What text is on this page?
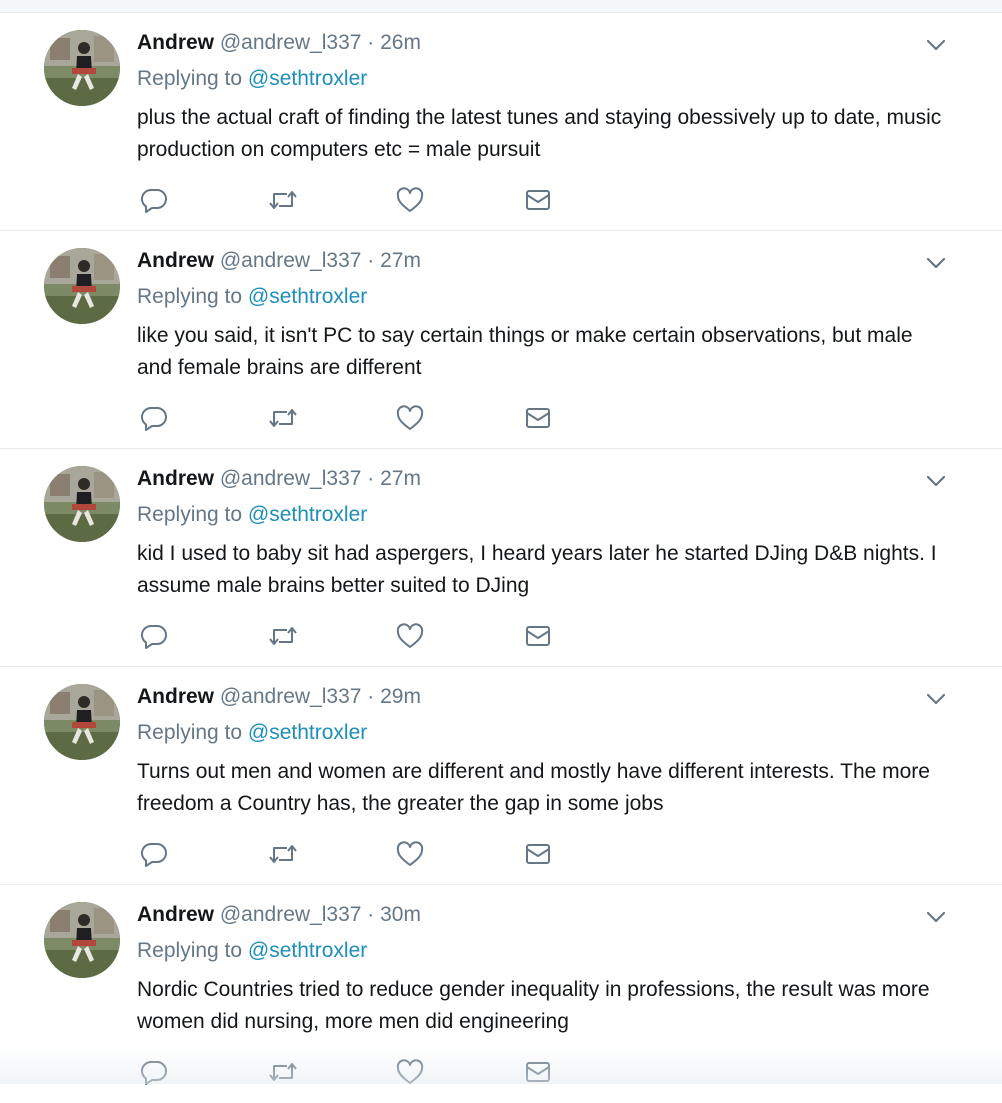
Andrew @andrew_l337 · 26m
Replying to @sethtroxler
plus the actual craft of finding the latest tunes and staying obessively up to date, music production on computers etc = male pursuit
Andrew @andrew_l337 · 27m
Replying to @sethtroxler
like you said, it isn't PC to say certain things or make certain observations, but male and female brains are different
Andrew @andrew_l337 · 27m
Replying to @sethtroxler
kid I used to baby sit had aspergers, I heard years later he started DJing D&B nights. I assume male brains better suited to DJing
Andrew @andrew_l337 · 29m
Replying to @sethtroxler
Turns out men and women are different and mostly have different interests. The more freedom a Country has, the greater the gap in some jobs
Andrew @andrew_l337 · 30m
Replying to @sethtroxler
Nordic Countries tried to reduce gender inequality in professions, the result was more women did nursing, more men did engineering
